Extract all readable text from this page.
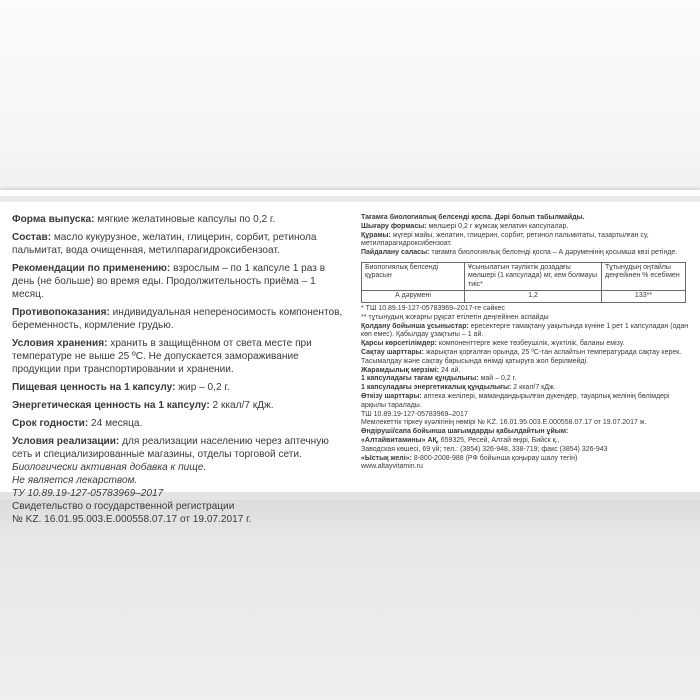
Форма выпуска: мягкие желатиновые капсулы по 0,2 г.

Состав: масло кукурузное, желатин, глицерин, сорбит, ретинола пальмитат, вода очищенная, метилпарагидроксибензоат.

Рекомендации по применению: взрослым – по 1 капсуле 1 раз в день (не больше) во время еды. Продолжительность приёма – 1 месяц.

Противопоказания: индивидуальная непереносимость компонентов, беременность, кормление грудью.

Условия хранения: хранить в защищённом от света месте при температуре не выше 25 ºС. Не допускается замораживание продукции при транспортировании и хранении.

Пищевая ценность на 1 капсулу: жир – 0,2 г.

Энергетическая ценность на 1 капсулу: 2 ккал/7 кДж.

Срок годности: 24 месяца.

Условия реализации: для реализации населению через аптечную сеть и специализированные магазины, отделы торговой сети.

Биологически активная добавка к пище.

Не является лекарством.

ТУ 10.89.19-127-05783969–2017

Свидетельство о государственной регистрации

№ KZ. 16.01.95.003.Е.000558.07.17 от 19.07.2017 г.

Тағамға биологиялық белсенді қоспа. Дәрі болып табылмайды.

Шығару формасы: мөлшері 0,2 г жұмсақ желатин капсулалар.

Құрамы: жүгері майы, желатин, глицерин, сорбит, ретинол пальмитаты, тазартылған су, метилпарагидроксибензоат.

Пайдалану саласы: тағамға биологиялық белсенді қоспа – А дәруменінің қосымша көзі ретінде.

Биологиялық белсенді құрасын	Ұсынылатын тәуліктік дозадағы мөлшері (1 капсулада) мг, кем болмауы тиіс*	Тұтынудың оңтайлы деңгейінен % есебімен
А дәрумені	1,2	133**

* ТШ 10.89.19-127-05783969–2017-ге сәйкес

** тұтынудың жоғарғы рұқсат етілетін деңгейінен аспайды

Қолдану бойынша ұсыныстар: ересектерге тамақтану уақытында күніне 1 рет 1 капсуладан (одан көп емес). Қабылдау ұзақтығы – 1 ай.

Қарсы көрсетілімдер: компоненттерге жеке төзбеушілік, жүктілік, баланы емізу.

Сақтау шарттары: жарықтан қорғалған орында, 25 ºС-тан аспайтын температурада сақтау керек. Тасымалдау және сақтау барысында өнімді қатыруға жол берілмейді.

Жарамдылық мерзімі: 24 ай.

1 капсуладағы тағам құндылығы: май – 0,2 г.

1 капсуладағы энергетикалық құндылығы: 2 ккал/7 кДж.

Өткізу шарттары: аптека желілері, мамандандырылған дүкендер, тауарлық желінің бөлімдері арқылы таралады.

ТШ 10.89.19-127-05783969–2017

Мемлекеттік тіркеу куәлігінің нөмірі № KZ. 16.01.95.003.Е.000558.07.17 от 19.07.2017 ж.

Өндіруші/сапа бойынша шағымдарды қабылдайтын ұйым:

«Алтайвитамины» АҚ, 659325, Ресей, Алтай өңірі, Бийск қ.,

Заводская көшесі, 69 үй; тел.: (3854) 326-948, 338-719; факс (3854) 326-943

«Ыстық желі»: 8-800-2008-988 (РФ бойынша қоңырау шалу тегін)

www.altayvitamin.ru
